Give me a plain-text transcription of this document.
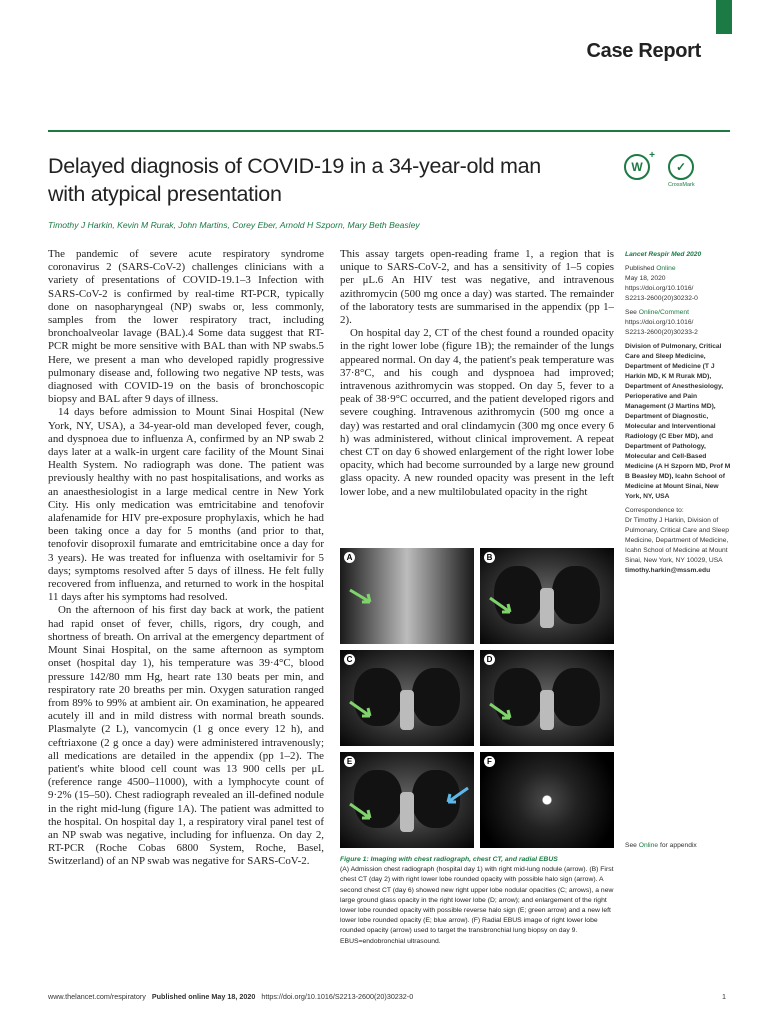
Case Report
Delayed diagnosis of COVID-19 in a 34-year-old man with atypical presentation
W
+
✓
CrossMark
Timothy J Harkin, Kevin M Rurak, John Martins, Corey Eber, Arnold H Szporn, Mary Beth Beasley

The pandemic of severe acute respiratory syndrome coronavirus 2 (SARS-CoV-2) challenges clinicians with a variety of presentations of COVID-19.1–3 Infection with SARS-CoV-2 is confirmed by real-time RT-PCR, typically done on nasopharyngeal (NP) swabs or, less commonly, samples from the lower respiratory tract, including bronchoalveolar lavage (BAL).4 Some data suggest that RT-PCR might be more sensitive with BAL than with NP swabs.5 Here, we present a man who developed rapidly progressive pulmonary disease and, following two negative NP tests, was diagnosed with COVID-19 on the basis of bronchoscopic biopsy and BAL after 9 days of illness.

14 days before admission to Mount Sinai Hospital (New York, NY, USA), a 34-year-old man developed fever, cough, and dyspnoea due to influenza A, confirmed by an NP swab 2 days later at a walk-in urgent care facility of the Mount Sinai Health System. No radiograph was done. The patient was previously healthy with no past hospitalisations, and works as an anaesthesiologist in a large medical centre in New York City. His only medication was emtricitabine and tenofovir alafenamide for HIV pre-exposure prophylaxis, which he had been taking once a day for 5 months (and prior to that, tenofovir disoproxil fumarate and emtricitabine once a day for 3 years). He was treated for influenza with oseltamivir for 5 days; symptoms resolved after 5 days of illness. He felt fully recovered from influenza, and returned to work in the hospital 11 days after his symptoms had resolved.

On the afternoon of his first day back at work, the patient had rapid onset of fever, chills, rigors, dry cough, and shortness of breath. On arrival at the emergency department of Mount Sinai Hospital, on the same afternoon as symptom onset (hospital day 1), his temperature was 39·4°C, blood pressure 142/80 mm Hg, heart rate 130 beats per min, and respiratory rate 20 breaths per min. Oxygen saturation ranged from 89% to 99% at ambient air. On examination, he appeared acutely ill and in mild distress with normal breath sounds. Plasmalyte (2 L), vancomycin (1 g once every 12 h), and ceftriaxone (2 g once a day) were administered intravenously; all medications are detailed in the appendix (pp 1–2). The patient's white blood cell count was 13 900 cells per μL (reference range 4500–11000), with a lymphocyte count of 9·2% (15–50). Chest radiograph revealed an ill-defined nodule in the right mid-lung (figure 1A). The patient was admitted to the hospital. On hospital day 1, a respiratory viral panel test of an NP swab was negative, including for influenza. On day 2, RT-PCR (Roche Cobas 6800 System, Roche, Basel, Switzerland) of an NP swab was negative for SARS-CoV-2.

This assay targets open-reading frame 1, a region that is unique to SARS-CoV-2, and has a sensitivity of 1–5 copies per μL.6 An HIV test was negative, and intravenous azithromycin (500 mg once a day) was started. The remainder of the laboratory tests are summarised in the appendix (pp 1–2).

On hospital day 2, CT of the chest found a rounded opacity in the right lower lobe (figure 1B); the remainder of the lungs appeared normal. On day 4, the patient's peak temperature was 37·8°C, and his cough and dyspnoea had improved; intravenous azithromycin was stopped. On day 5, fever to a peak of 38·9°C occurred, and the patient developed rigors and severe coughing. Intravenous azithromycin (500 mg once a day) was restarted and oral clindamycin (300 mg once every 6 h) was administered, without clinical improvement. A repeat chest CT on day 6 showed enlargement of the right lower lobe opacity, which had become surrounded by a large new ground glass opacity. A new rounded opacity was present in the left lower lobe, and a new multilobulated opacity in the right

Lancet Respir Med 2020
Published Online
May 18, 2020
https://doi.org/10.1016/
S2213-2600(20)30232-0
See Online/Comment
https://doi.org/10.1016/
S2213-2600(20)30233-2
Division of Pulmonary, Critical Care and Sleep Medicine, Department of Medicine (T J Harkin MD, K M Rurak MD), Department of Anesthesiology, Perioperative and Pain Management (J Martins MD), Department of Diagnostic, Molecular and Interventional Radiology (C Eber MD), and Department of Pathology, Molecular and Cell-Based Medicine (A H Szporn MD, Prof M B Beasley MD), Icahn School of Medicine at Mount Sinai, New York, NY, USA
Correspondence to:
Dr Timothy J Harkin, Division of Pulmonary, Critical Care and Sleep Medicine, Department of Medicine, Icahn School of Medicine at Mount Sinai, New York, NY 10029, USA
timothy.harkin@mssm.edu
A	B
C	D
E	F
Figure 1: Imaging with chest radiograph, chest CT, and radial EBUS
(A) Admission chest radiograph (hospital day 1) with right mid-lung nodule (arrow). (B) First chest CT (day 2) with right lower lobe rounded opacity with possible halo sign (arrow). A second chest CT (day 6) showed new right upper lobe nodular opacities (C; arrows), a new large ground glass opacity in the right lower lobe (D; arrow); and enlargement of the right lower lobe rounded opacity with possible reverse halo sign (E; green arrow) and a new left lower lobe rounded opacity (E; blue arrow). (F) Radial EBUS image of right lower lobe rounded opacity (arrow) used to target the transbronchial lung biopsy on day 9. EBUS=endobronchial ultrasound.
See Online for appendix
www.thelancet.com/respiratory Published online May 18, 2020 https://doi.org/10.1016/S2213-2600(20)30232-0	1
